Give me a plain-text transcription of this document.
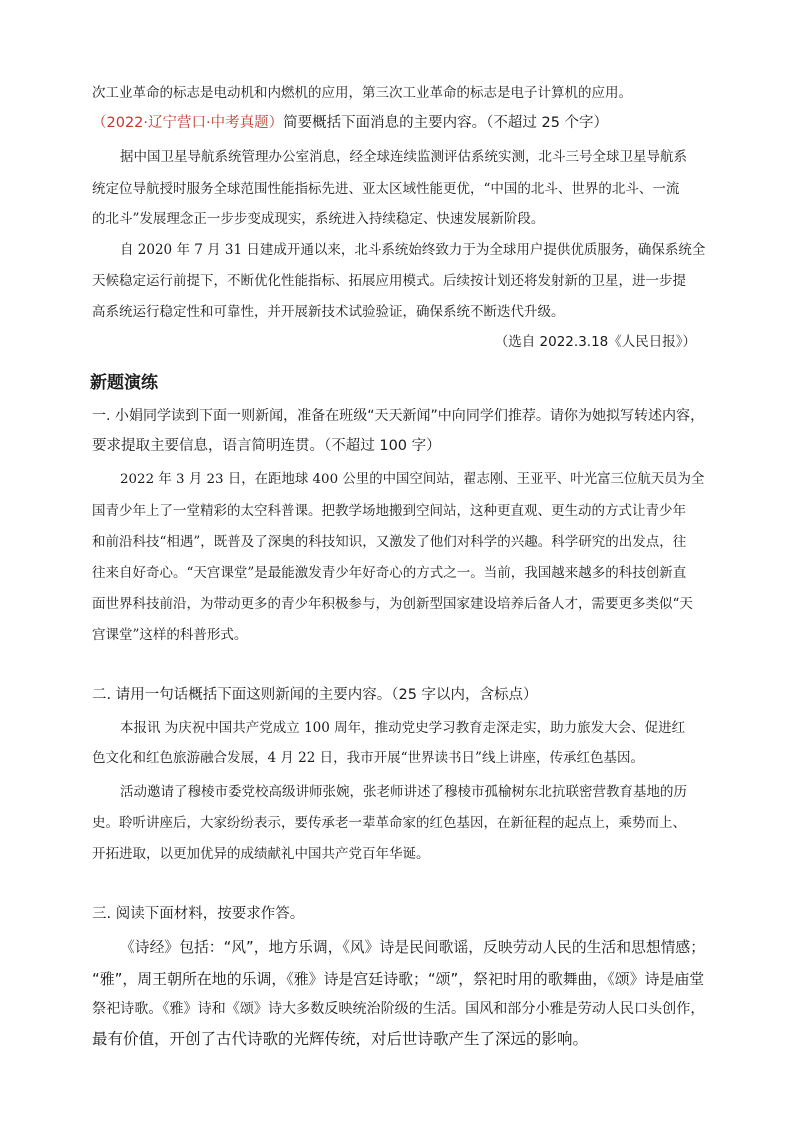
次工业革命的标志是电动机和内燃机的应用，第三次工业革命的标志是电子计算机的应用。
（2022·辽宁营口·中考真题）简要概括下面消息的主要内容。（不超过 25 个字）
据中国卫星导航系统管理办公室消息，经全球连续监测评估系统实测，北斗三号全球卫星导航系
统定位导航授时服务全球范围性能指标先进、亚太区域性能更优，“中国的北斗、世界的北斗、一流
的北斗”发展理念正一步步变成现实，系统进入持续稳定、快速发展新阶段。
自 2020 年 7 月 31 日建成开通以来，北斗系统始终致力于为全球用户提供优质服务，确保系统全
天候稳定运行前提下，不断优化性能指标、拓展应用模式。后续按计划还将发射新的卫星，进一步提
高系统运行稳定性和可靠性，并开展新技术试验验证，确保系统不断迭代升级。
（选自 2022.3.18《人民日报》）
新题演练
一. 小娟同学读到下面一则新闻，准备在班级“天天新闻”中向同学们推荐。请你为她拟写转述内容，
要求提取主要信息，语言简明连贯。（不超过 100 字）
2022 年 3 月 23 日，在距地球 400 公里的中国空间站，翟志刚、王亚平、叶光富三位航天员为全
国青少年上了一堂精彩的太空科普课。把教学场地搬到空间站，这种更直观、更生动的方式让青少年
和前沿科技“相遇”，既普及了深奥的科技知识，又激发了他们对科学的兴趣。科学研究的出发点，往
往来自好奇心。“天宫课堂”是最能激发青少年好奇心的方式之一。当前，我国越来越多的科技创新直
面世界科技前沿，为带动更多的青少年积极参与，为创新型国家建设培养后备人才，需要更多类似“天
宫课堂”这样的科普形式。
二. 请用一句话概括下面这则新闻的主要内容。（25 字以内，含标点）
本报讯 为庆祝中国共产党成立 100 周年，推动党史学习教育走深走实，助力旅发大会、促进红
色文化和红色旅游融合发展，4 月 22 日，我市开展“世界读书日”线上讲座，传承红色基因。
活动邀请了穆棱市委党校高级讲师张婉，张老师讲述了穆棱市孤榆树东北抗联密营教育基地的历
史。聆听讲座后，大家纷纷表示，要传承老一辈革命家的红色基因，在新征程的起点上，乘势而上、
开拓进取，以更加优异的成绩献礼中国共产党百年华诞。
三. 阅读下面材料，按要求作答。
《诗经》包括：“风”，地方乐调，《风》诗是民间歌谣，反映劳动人民的生活和思想情感；
“雅”，周王朝所在地的乐调，《雅》诗是宫廷诗歌；“颂”，祭祀时用的歌舞曲，《颂》诗是庙堂
祭祀诗歌。《雅》诗和《颂》诗大多数反映统治阶级的生活。国风和部分小雅是劳动人民口头创作，
最有价值，开创了古代诗歌的光辉传统，对后世诗歌产生了深远的影响。
